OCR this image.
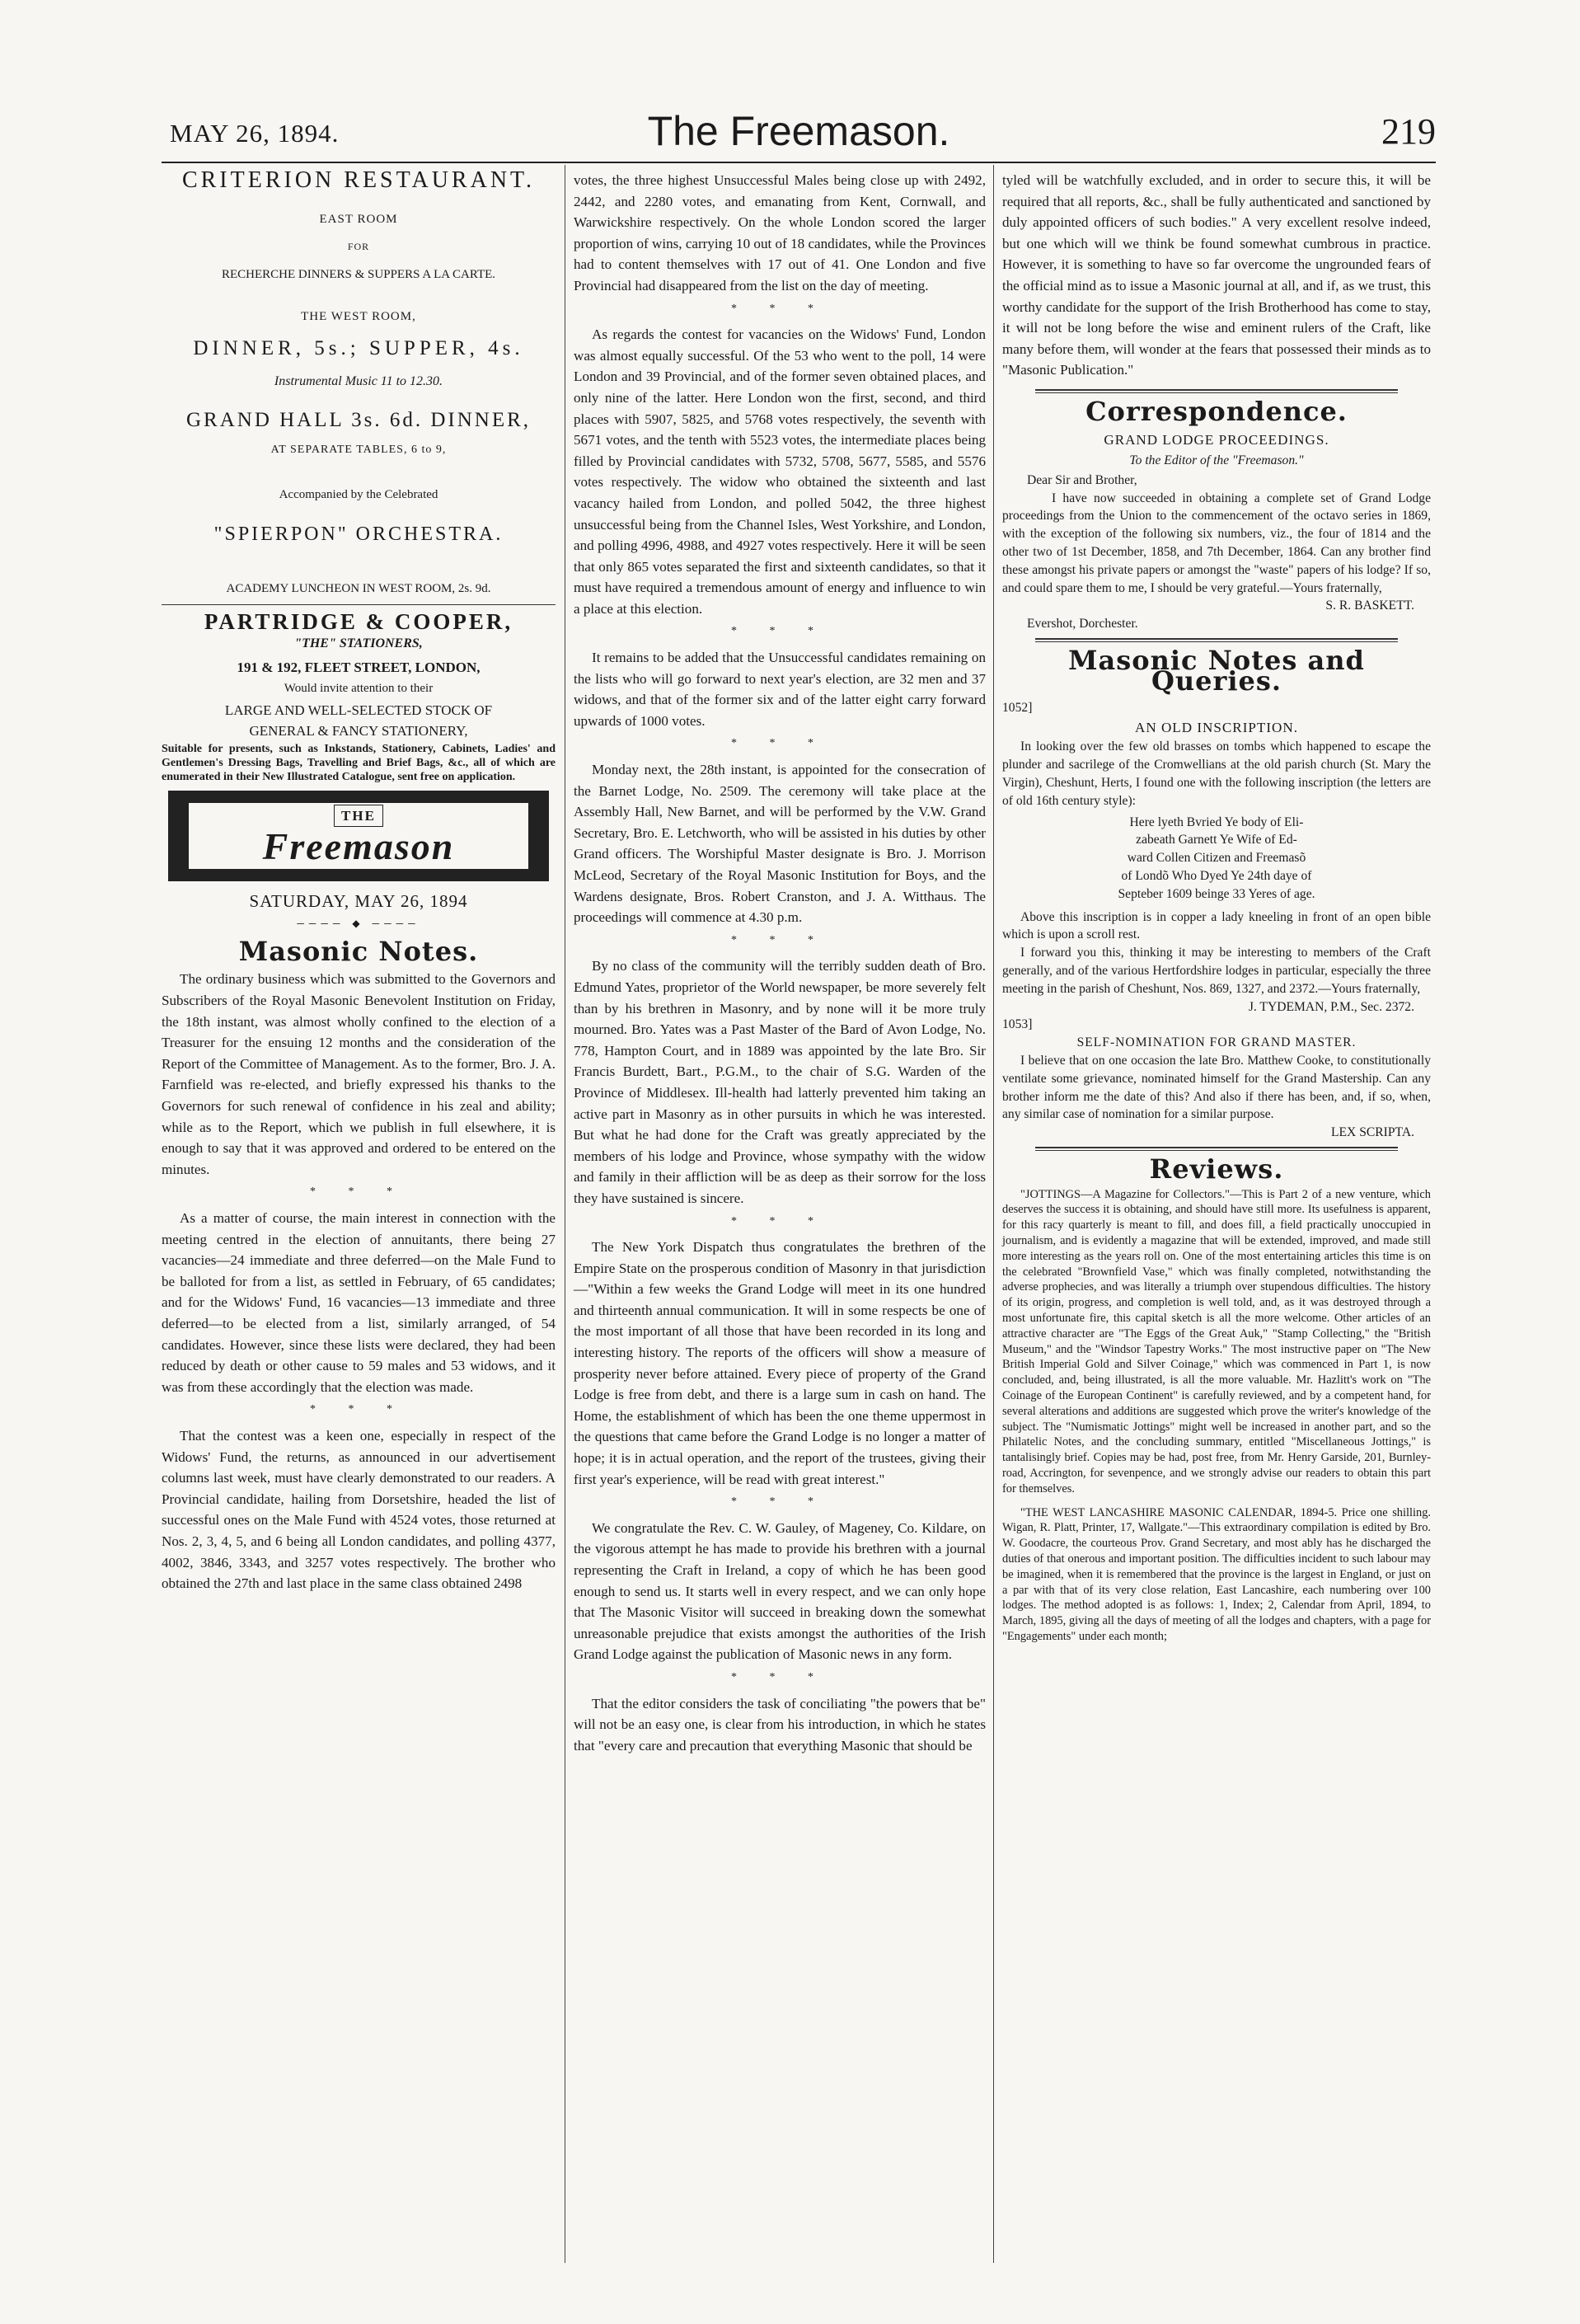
MAY 26, 1894.	The Freemason.	219
CRITERION RESTAURANT.
EAST ROOM
FOR
RECHERCHE DINNERS & SUPPERS A LA CARTE.
THE WEST ROOM,
DINNER, 5s.; SUPPER, 4s.
Instrumental Music 11 to 12.30.
GRAND HALL 3s. 6d. DINNER,
AT SEPARATE TABLES, 6 to 9,
Accompanied by the Celebrated
"SPIERPON" ORCHESTRA.
ACADEMY LUNCHEON IN WEST ROOM, 2s. 9d.
PARTRIDGE & COOPER,
"THE" STATIONERS,
191 & 192, FLEET STREET, LONDON,
Would invite attention to their
LARGE AND WELL-SELECTED STOCK OF
GENERAL & FANCY STATIONERY,

Suitable for presents, such as Inkstands, Stationery, Cabinets, Ladies' and Gentlemen's Dressing Bags, Travelling and Brief Bags, &c., all of which are enumerated in their New Illustrated Catalogue, sent free on application.

THE
Freemason
SATURDAY, MAY 26, 1894
──── ◆ ────
Masonic Notes.

The ordinary business which was submitted to the Governors and Subscribers of the Royal Masonic Benevolent Institution on Friday, the 18th instant, was almost wholly confined to the election of a Treasurer for the ensuing 12 months and the consideration of the Report of the Committee of Management. As to the former, Bro. J. A. Farnfield was re-elected, and briefly expressed his thanks to the Governors for such renewal of confidence in his zeal and ability; while as to the Report, which we publish in full elsewhere, it is enough to say that it was approved and ordered to be entered on the minutes.

* * *

As a matter of course, the main interest in connection with the meeting centred in the election of annuitants, there being 27 vacancies—24 immediate and three deferred—on the Male Fund to be balloted for from a list, as settled in February, of 65 candidates; and for the Widows' Fund, 16 vacancies—13 immediate and three deferred—to be elected from a list, similarly arranged, of 54 candidates. However, since these lists were declared, they had been reduced by death or other cause to 59 males and 53 widows, and it was from these accordingly that the election was made.

* * *

That the contest was a keen one, especially in respect of the Widows' Fund, the returns, as announced in our advertisement columns last week, must have clearly demonstrated to our readers. A Provincial candidate, hailing from Dorsetshire, headed the list of successful ones on the Male Fund with 4524 votes, those returned at Nos. 2, 3, 4, 5, and 6 being all London candidates, and polling 4377, 4002, 3846, 3343, and 3257 votes respectively. The brother who obtained the 27th and last place in the same class obtained 2498

votes, the three highest Unsuccessful Males being close up with 2492, 2442, and 2280 votes, and emanating from Kent, Cornwall, and Warwickshire respectively. On the whole London scored the larger proportion of wins, carrying 10 out of 18 candidates, while the Provinces had to content themselves with 17 out of 41. One London and five Provincial had disappeared from the list on the day of meeting.

* * *

As regards the contest for vacancies on the Widows' Fund, London was almost equally successful. Of the 53 who went to the poll, 14 were London and 39 Provincial, and of the former seven obtained places, and only nine of the latter. Here London won the first, second, and third places with 5907, 5825, and 5768 votes respectively, the seventh with 5671 votes, and the tenth with 5523 votes, the intermediate places being filled by Provincial candidates with 5732, 5708, 5677, 5585, and 5576 votes respectively. The widow who obtained the sixteenth and last vacancy hailed from London, and polled 5042, the three highest unsuccessful being from the Channel Isles, West Yorkshire, and London, and polling 4996, 4988, and 4927 votes respectively. Here it will be seen that only 865 votes separated the first and sixteenth candidates, so that it must have required a tremendous amount of energy and influence to win a place at this election.

* * *

It remains to be added that the Unsuccessful candidates remaining on the lists who will go forward to next year's election, are 32 men and 37 widows, and that of the former six and of the latter eight carry forward upwards of 1000 votes.

* * *

Monday next, the 28th instant, is appointed for the consecration of the Barnet Lodge, No. 2509. The ceremony will take place at the Assembly Hall, New Barnet, and will be performed by the V.W. Grand Secretary, Bro. E. Letchworth, who will be assisted in his duties by other Grand officers. The Worshipful Master designate is Bro. J. Morrison McLeod, Secretary of the Royal Masonic Institution for Boys, and the Wardens designate, Bros. Robert Cranston, and J. A. Witthaus. The proceedings will commence at 4.30 p.m.

* * *

By no class of the community will the terribly sudden death of Bro. Edmund Yates, proprietor of the World newspaper, be more severely felt than by his brethren in Masonry, and by none will it be more truly mourned. Bro. Yates was a Past Master of the Bard of Avon Lodge, No. 778, Hampton Court, and in 1889 was appointed by the late Bro. Sir Francis Burdett, Bart., P.G.M., to the chair of S.G. Warden of the Province of Middlesex. Ill-health had latterly prevented him taking an active part in Masonry as in other pursuits in which he was interested. But what he had done for the Craft was greatly appreciated by the members of his lodge and Province, whose sympathy with the widow and family in their affliction will be as deep as their sorrow for the loss they have sustained is sincere.

* * *

The New York Dispatch thus congratulates the brethren of the Empire State on the prosperous condition of Masonry in that jurisdiction—"Within a few weeks the Grand Lodge will meet in its one hundred and thirteenth annual communication. It will in some respects be one of the most important of all those that have been recorded in its long and interesting history. The reports of the officers will show a measure of prosperity never before attained. Every piece of property of the Grand Lodge is free from debt, and there is a large sum in cash on hand. The Home, the establishment of which has been the one theme uppermost in the questions that came before the Grand Lodge is no longer a matter of hope; it is in actual operation, and the report of the trustees, giving their first year's experience, will be read with great interest."

* * *

We congratulate the Rev. C. W. Gauley, of Mageney, Co. Kildare, on the vigorous attempt he has made to provide his brethren with a journal representing the Craft in Ireland, a copy of which he has been good enough to send us. It starts well in every respect, and we can only hope that The Masonic Visitor will succeed in breaking down the somewhat unreasonable prejudice that exists amongst the authorities of the Irish Grand Lodge against the publication of Masonic news in any form.

* * *

That the editor considers the task of conciliating "the powers that be" will not be an easy one, is clear from his introduction, in which he states that "every care and precaution that everything Masonic that should be

tyled will be watchfully excluded, and in order to secure this, it will be required that all reports, &c., shall be fully authenticated and sanctioned by duly appointed officers of such bodies." A very excellent resolve indeed, but one which will we think be found somewhat cumbrous in practice. However, it is something to have so far overcome the ungrounded fears of the official mind as to issue a Masonic journal at all, and if, as we trust, this worthy candidate for the support of the Irish Brotherhood has come to stay, it will not be long before the wise and eminent rulers of the Craft, like many before them, will wonder at the fears that possessed their minds as to "Masonic Publication."

Correspondence.
GRAND LODGE PROCEEDINGS.
To the Editor of the "Freemason."

Dear Sir and Brother,

I have now succeeded in obtaining a complete set of Grand Lodge proceedings from the Union to the commencement of the octavo series in 1869, with the exception of the following six numbers, viz., the four of 1814 and the other two of 1st December, 1858, and 7th December, 1864. Can any brother find these amongst his private papers or amongst the "waste" papers of his lodge? If so, and could spare them to me, I should be very grateful.—Yours fraternally,

S. R. BASKETT.

Evershot, Dorchester.

Masonic Notes and Queries.

1052]

AN OLD INSCRIPTION.

In looking over the few old brasses on tombs which happened to escape the plunder and sacrilege of the Cromwellians at the old parish church (St. Mary the Virgin), Cheshunt, Herts, I found one with the following inscription (the letters are of old 16th century style):

Here lyeth Bvried Ye body of Eli-
zabeath Garnett Ye Wife of Ed-
ward Collen Citizen and Freemasõ
of Londõ Who Dyed Ye 24th daye of
Septeber 1609 beinge 33 Yeres of age.

Above this inscription is in copper a lady kneeling in front of an open bible which is upon a scroll rest.

I forward you this, thinking it may be interesting to members of the Craft generally, and of the various Hertfordshire lodges in particular, especially the three meeting in the parish of Cheshunt, Nos. 869, 1327, and 2372.—Yours fraternally,

J. TYDEMAN, P.M., Sec. 2372.

1053]

SELF-NOMINATION FOR GRAND MASTER.

I believe that on one occasion the late Bro. Matthew Cooke, to constitutionally ventilate some grievance, nominated himself for the Grand Mastership. Can any brother inform me the date of this? And also if there has been, and, if so, when, any similar case of nomination for a similar purpose.

LEX SCRIPTA.
Reviews.

"JOTTINGS—A Magazine for Collectors."—This is Part 2 of a new venture, which deserves the success it is obtaining, and should have still more. Its usefulness is apparent, for this racy quarterly is meant to fill, and does fill, a field practically unoccupied in journalism, and is evidently a magazine that will be extended, improved, and made still more interesting as the years roll on. One of the most entertaining articles this time is on the celebrated "Brownfield Vase," which was finally completed, notwithstanding the adverse prophecies, and was literally a triumph over stupendous difficulties. The history of its origin, progress, and completion is well told, and, as it was destroyed through a most unfortunate fire, this capital sketch is all the more welcome. Other articles of an attractive character are "The Eggs of the Great Auk," "Stamp Collecting," the "British Museum," and the "Windsor Tapestry Works." The most instructive paper on "The New British Imperial Gold and Silver Coinage," which was commenced in Part 1, is now concluded, and, being illustrated, is all the more valuable. Mr. Hazlitt's work on "The Coinage of the European Continent" is carefully reviewed, and by a competent hand, for several alterations and additions are suggested which prove the writer's knowledge of the subject. The "Numismatic Jottings" might well be increased in another part, and so the Philatelic Notes, and the concluding summary, entitled "Miscellaneous Jottings," is tantalisingly brief. Copies may be had, post free, from Mr. Henry Garside, 201, Burnley-road, Accrington, for sevenpence, and we strongly advise our readers to obtain this part for themselves.

"THE WEST LANCASHIRE MASONIC CALENDAR, 1894-5. Price one shilling. Wigan, R. Platt, Printer, 17, Wallgate."—This extraordinary compilation is edited by Bro. W. Goodacre, the courteous Prov. Grand Secretary, and most ably has he discharged the duties of that onerous and important position. The difficulties incident to such labour may be imagined, when it is remembered that the province is the largest in England, or just on a par with that of its very close relation, East Lancashire, each numbering over 100 lodges. The method adopted is as follows: 1, Index; 2, Calendar from April, 1894, to March, 1895, giving all the days of meeting of all the lodges and chapters, with a page for "Engagements" under each month;
